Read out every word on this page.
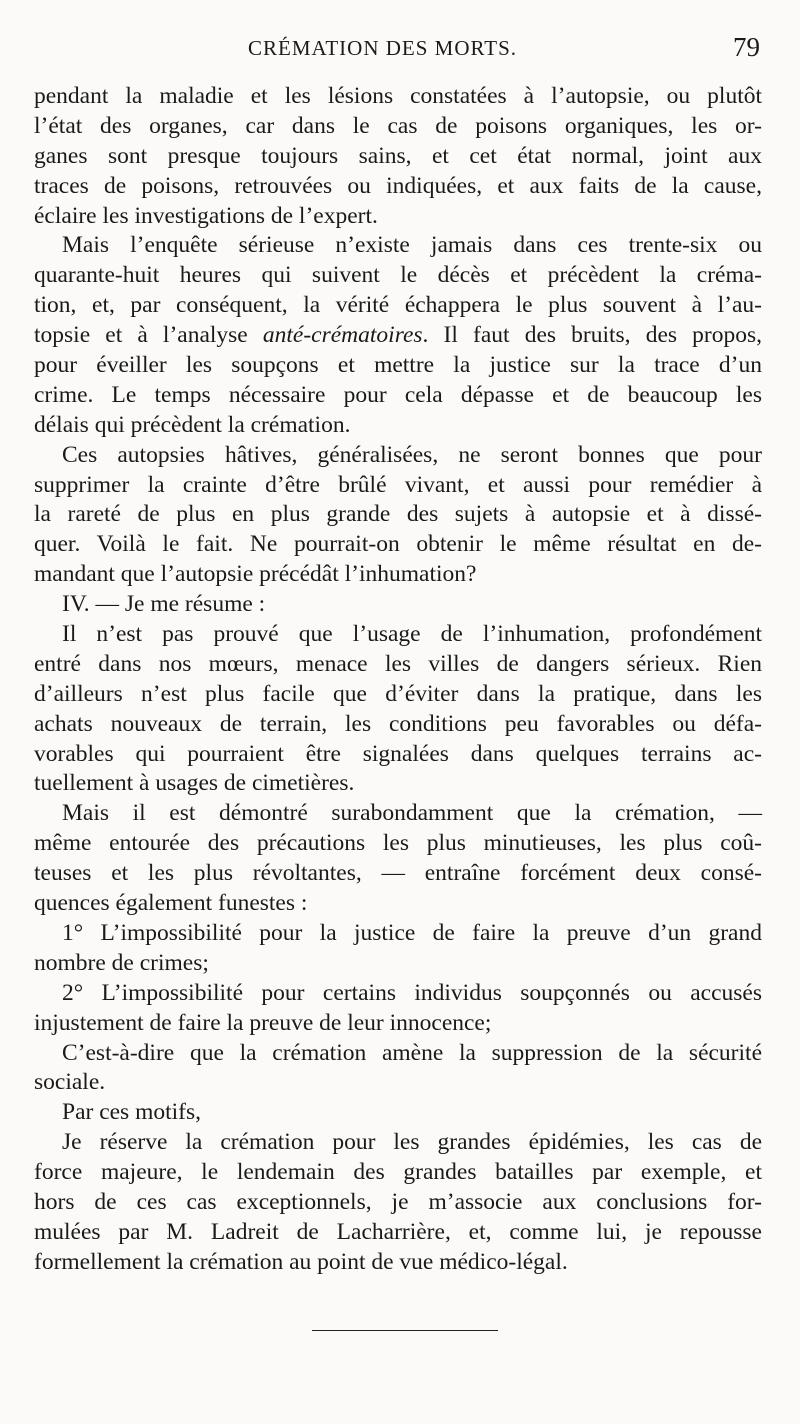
CRÉMATION DES MORTS.	79
pendant la maladie et les lésions constatées à l’autopsie, ou plutôt
l’état des organes, car dans le cas de poisons organiques, les or-
ganes sont presque toujours sains, et cet état normal, joint aux
traces de poisons, retrouvées ou indiquées, et aux faits de la cause,
éclaire les investigations de l’expert.
Mais l’enquête sérieuse n’existe jamais dans ces trente-six ou
quarante-huit heures qui suivent le décès et précèdent la créma-
tion, et, par conséquent, la vérité échappera le plus souvent à l’au-
topsie et à l’analyse anté-crématoires. Il faut des bruits, des propos,
pour éveiller les soupçons et mettre la justice sur la trace d’un
crime. Le temps nécessaire pour cela dépasse et de beaucoup les
délais qui précèdent la crémation.
Ces autopsies hâtives, généralisées, ne seront bonnes que pour
supprimer la crainte d’être brûlé vivant, et aussi pour remédier à
la rareté de plus en plus grande des sujets à autopsie et à dissé-
quer. Voilà le fait. Ne pourrait-on obtenir le même résultat en de-
mandant que l’autopsie précédât l’inhumation?
IV. — Je me résume :
Il n’est pas prouvé que l’usage de l’inhumation, profondément
entré dans nos mœurs, menace les villes de dangers sérieux. Rien
d’ailleurs n’est plus facile que d’éviter dans la pratique, dans les
achats nouveaux de terrain, les conditions peu favorables ou défa-
vorables qui pourraient être signalées dans quelques terrains ac-
tuellement à usages de cimetières.
Mais il est démontré surabondamment que la crémation, —
même entourée des précautions les plus minutieuses, les plus coû-
teuses et les plus révoltantes, — entraîne forcément deux consé-
quences également funestes :
1° L’impossibilité pour la justice de faire la preuve d’un grand
nombre de crimes;
2° L’impossibilité pour certains individus soupçonnés ou accusés
injustement de faire la preuve de leur innocence;
C’est-à-dire que la crémation amène la suppression de la sécurité
sociale.
Par ces motifs,
Je réserve la crémation pour les grandes épidémies, les cas de
force majeure, le lendemain des grandes batailles par exemple, et
hors de ces cas exceptionnels, je m’associe aux conclusions for-
mulées par M. Ladreit de Lacharrière, et, comme lui, je repousse
formellement la crémation au point de vue médico-légal.
